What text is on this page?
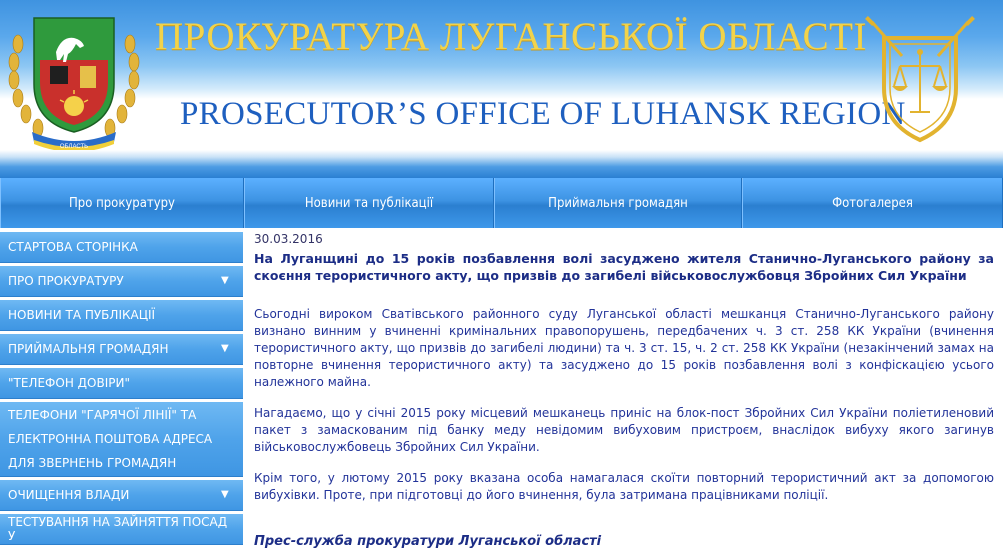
ОБЛАСТЬ
ПРОКУРАТУРА ЛУГАНСЬКОЇ ОБЛАСТІ
PROSECUTOR’S OFFICE OF LUHANSK REGION
Про прокуратуру	Новини та публікації	Приймальня громадян	Фотогалерея
СТАРТОВА СТОРІНКА
ПРО ПРОКУРАТУРУ	▼
НОВИНИ ТА ПУБЛІКАЦІЇ
ПРИЙМАЛЬНЯ ГРОМАДЯН	▼
"ТЕЛЕФОН ДОВІРИ"
ТЕЛЕФОНИ "ГАРЯЧОЇ ЛІНІЇ" ТА ЕЛЕКТРОННА ПОШТОВА АДРЕСА ДЛЯ ЗВЕРНЕНЬ ГРОМАДЯН
ОЧИЩЕННЯ ВЛАДИ	▼
ТЕСТУВАННЯ НА ЗАЙНЯТТЯ ПОСАД У
30.03.2016
На Луганщині до 15 років позбавлення волі засуджено жителя Станично-Луганського району за скоєння терористичного акту, що призвів до загибелі військовослужбовця Збройних Сил України

Сьогодні вироком Сватівського районного суду Луганської області мешканця Станично-Луганського району визнано винним у вчиненні кримінальних правопорушень, передбачених ч. 3 ст. 258 КК України (вчинення терористичного акту, що призвів до загибелі людини) та ч. 3 ст. 15, ч. 2 ст. 258 КК України (незакінчений замах на повторне вчинення терористичного акту) та засуджено до 15 років позбавлення волі з конфіскацією усього належного майна.

Нагадаємо, що у січні 2015 року місцевий мешканець приніс на блок-пост Збройних Сил України поліетиленовий пакет з замаскованим під банку меду невідомим вибуховим пристроєм, внаслідок вибуху якого загинув військовослужбовець Збройних Сил України.

Крім того, у лютому 2015 року вказана особа намагалася скоїти повторний терористичний акт за допомогою вибухівки. Проте, при підготовці до його вчинення, була затримана працівниками поліції.

Прес-служба прокуратури Луганської області
